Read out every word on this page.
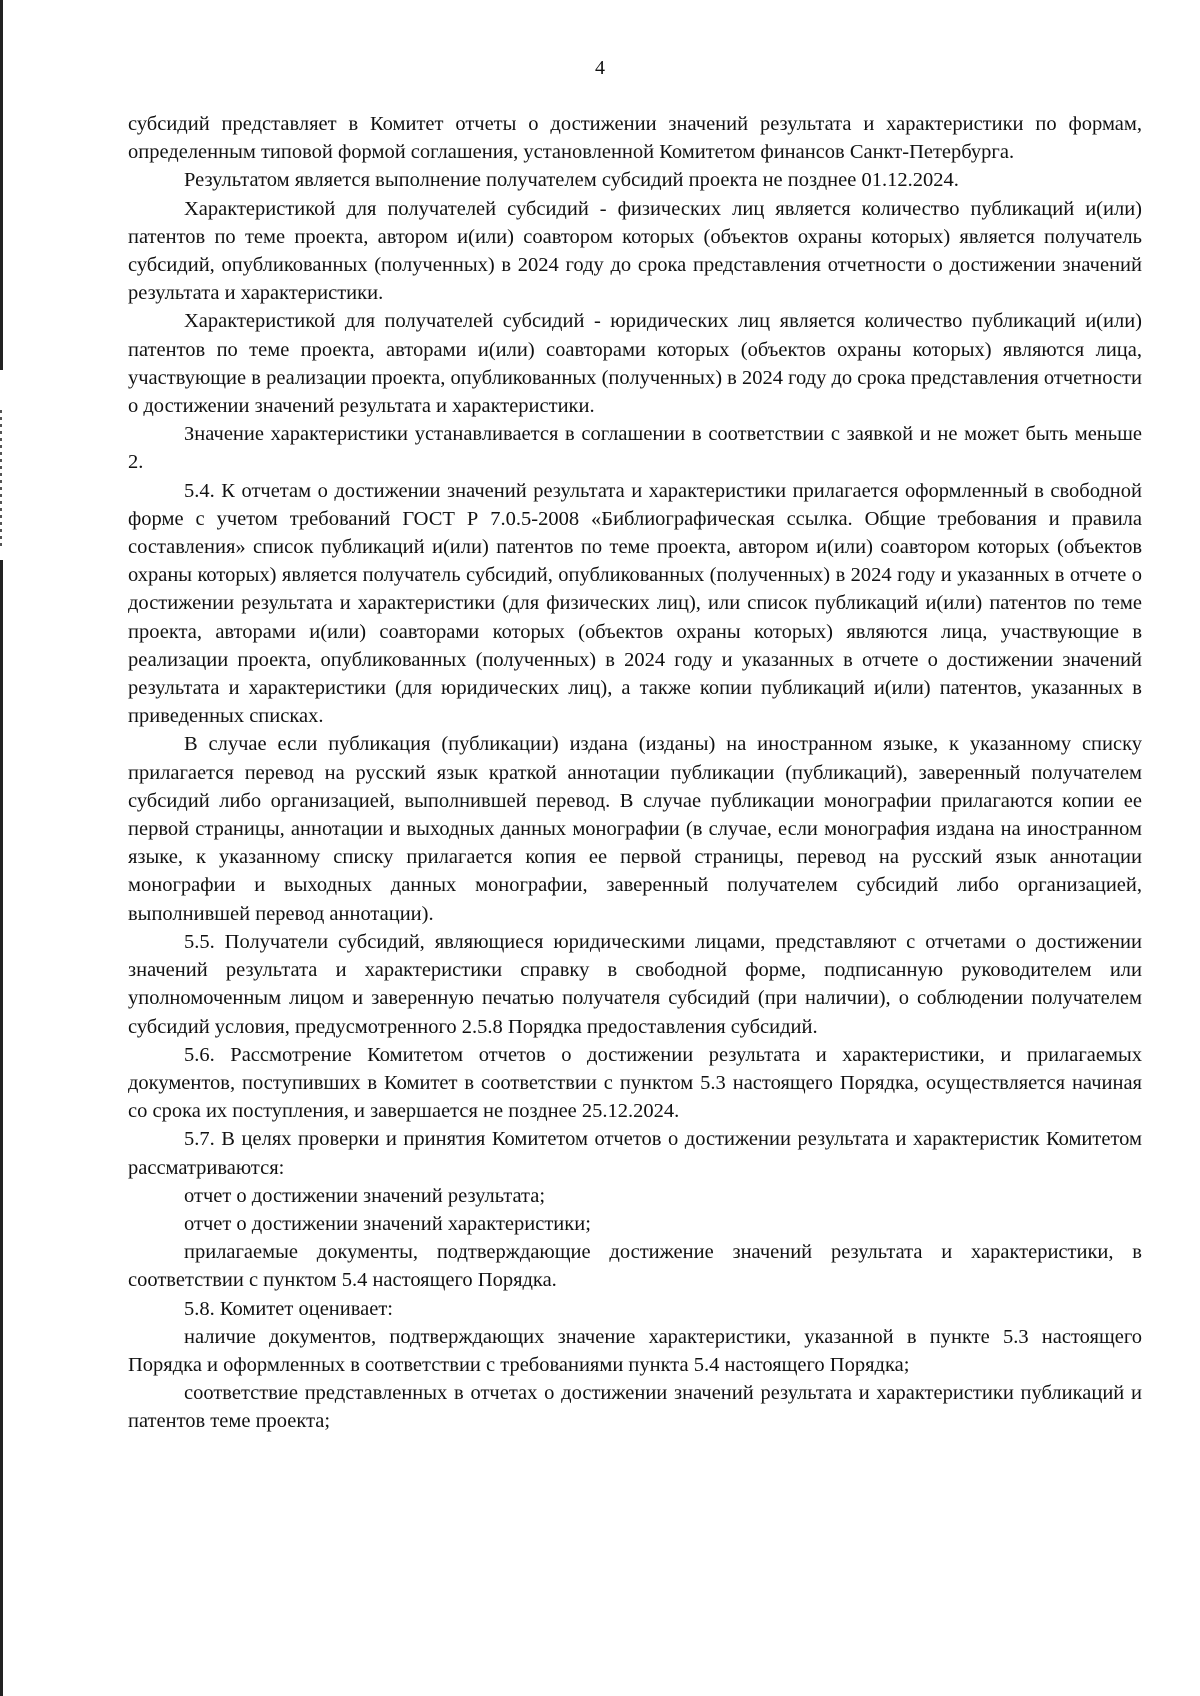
4

субсидий представляет в Комитет отчеты о достижении значений результата и характеристики по формам, определенным типовой формой соглашения, установленной Комитетом финансов Санкт-Петербурга.

Результатом является выполнение получателем субсидий проекта не позднее 01.12.2024.

Характеристикой для получателей субсидий - физических лиц является количество публикаций и(или) патентов по теме проекта, автором и(или) соавтором которых (объектов охраны которых) является получатель субсидий, опубликованных (полученных) в 2024 году до срока представления отчетности о достижении значений результата и характеристики.

Характеристикой для получателей субсидий - юридических лиц является количество публикаций и(или) патентов по теме проекта, авторами и(или) соавторами которых (объектов охраны которых) являются лица, участвующие в реализации проекта, опубликованных (полученных) в 2024 году до срока представления отчетности о достижении значений результата и характеристики.

Значение характеристики устанавливается в соглашении в соответствии с заявкой и не может быть меньше 2.

5.4. К отчетам о достижении значений результата и характеристики прилагается оформленный в свободной форме с учетом требований ГОСТ Р 7.0.5-2008 «Библиографическая ссылка. Общие требования и правила составления» список публикаций и(или) патентов по теме проекта, автором и(или) соавтором которых (объектов охраны которых) является получатель субсидий, опубликованных (полученных) в 2024 году и указанных в отчете о достижении результата и характеристики (для физических лиц), или список публикаций и(или) патентов по теме проекта, авторами и(или) соавторами которых (объектов охраны которых) являются лица, участвующие в реализации проекта, опубликованных (полученных) в 2024 году и указанных в отчете о достижении значений результата и характеристики (для юридических лиц), а также копии публикаций и(или) патентов, указанных в приведенных списках.

В случае если публикация (публикации) издана (изданы) на иностранном языке, к указанному списку прилагается перевод на русский язык краткой аннотации публикации (публикаций), заверенный получателем субсидий либо организацией, выполнившей перевод. В случае публикации монографии прилагаются копии ее первой страницы, аннотации и выходных данных монографии (в случае, если монография издана на иностранном языке, к указанному списку прилагается копия ее первой страницы, перевод на русский язык аннотации монографии и выходных данных монографии, заверенный получателем субсидий либо организацией, выполнившей перевод аннотации).

5.5. Получатели субсидий, являющиеся юридическими лицами, представляют с отчетами о достижении значений результата и характеристики справку в свободной форме, подписанную руководителем или уполномоченным лицом и заверенную печатью получателя субсидий (при наличии), о соблюдении получателем субсидий условия, предусмотренного 2.5.8 Порядка предоставления субсидий.

5.6. Рассмотрение Комитетом отчетов о достижении результата и характеристики, и прилагаемых документов, поступивших в Комитет в соответствии с пунктом 5.3 настоящего Порядка, осуществляется начиная со срока их поступления, и завершается не позднее 25.12.2024.

5.7. В целях проверки и принятия Комитетом отчетов о достижении результата и характеристик Комитетом рассматриваются:

отчет о достижении значений результата;

отчет о достижении значений характеристики;

прилагаемые документы, подтверждающие достижение значений результата и характеристики, в соответствии с пунктом 5.4 настоящего Порядка.

5.8. Комитет оценивает:

наличие документов, подтверждающих значение характеристики, указанной в пункте 5.3 настоящего Порядка и оформленных в соответствии с требованиями пункта 5.4 настоящего Порядка;

соответствие представленных в отчетах о достижении значений результата и характеристики публикаций и патентов теме проекта;
